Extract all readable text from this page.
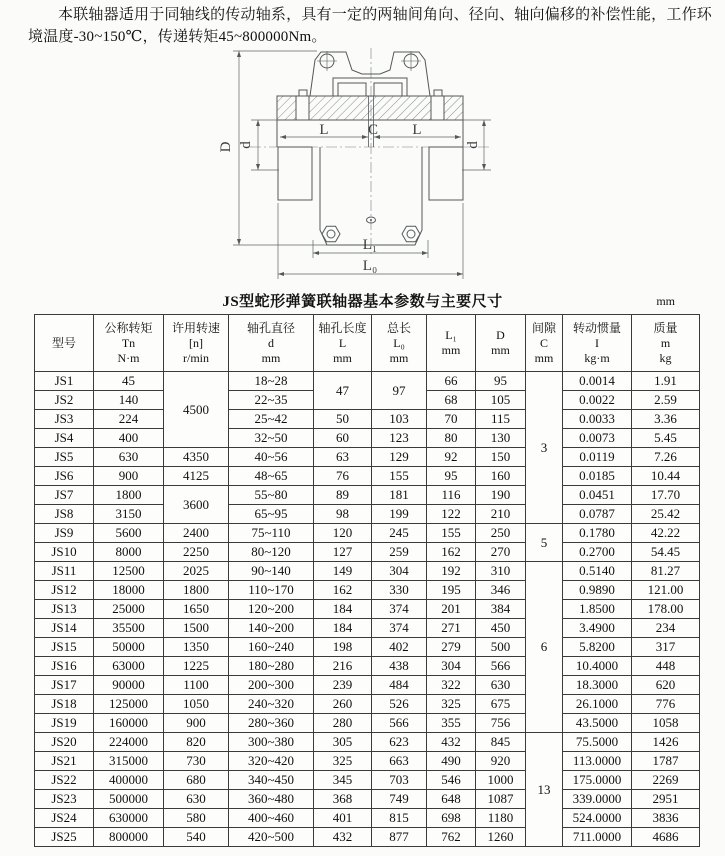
本联轴器适用于同轴线的传动轴系，具有一定的两轴间角向、径向、轴向偏移的补偿性能，工作环境温度-30~150℃，传递转矩45~800000Nm。

D d	d
L	C L
L₁
L₀
JS型蛇形弹簧联轴器基本参数与主要尺寸	mm
型号

公称转矩
Tn
N·m

许用转速
[n]
r/min

轴孔直径
d
mm

轴孔长度
L
mm

总长
L₀
mm

L₁
mm

D
mm

间隙
C
mm

转动惯量
I
kg·m

质量
m
kg

JS1	45	4500	18~28	47	97	66	95	3	0.0014	1.91
JS2	140		22~35			68	105		0.0022	2.59
JS3	224		25~42	50	103	70	115		0.0033	3.36
JS4	400		32~50	60	123	80	130		0.0073	5.45
JS5	630	4350	40~56	63	129	92	150		0.0119	7.26
JS6	900	4125	48~65	76	155	95	160		0.0185	10.44
JS7	1800	3600	55~80	89	181	116	190		0.0451	17.70
JS8	3150		65~95	98	199	122	210		0.0787	25.42
JS9	5600	2400	75~110	120	245	155	250	5	0.1780	42.22
JS10	8000	2250	80~120	127	259	162	270		0.2700	54.45
JS11	12500	2025	90~140	149	304	192	310	6	0.5140	81.27
JS12	18000	1800	110~170	162	330	195	346		0.9890	121.00
JS13	25000	1650	120~200	184	374	201	384		1.8500	178.00
JS14	35500	1500	140~200	184	374	271	450		3.4900	234
JS15	50000	1350	160~240	198	402	279	500		5.8200	317
JS16	63000	1225	180~280	216	438	304	566		10.4000	448
JS17	90000	1100	200~300	239	484	322	630		18.3000	620
JS18	125000	1050	240~320	260	526	325	675		26.1000	776
JS19	160000	900	280~360	280	566	355	756		43.5000	1058
JS20	224000	820	300~380	305	623	432	845	13	75.5000	1426
JS21	315000	730	320~420	325	663	490	920		113.0000	1787
JS22	400000	680	340~450	345	703	546	1000		175.0000	2269
JS23	500000	630	360~480	368	749	648	1087		339.0000	2951
JS24	630000	580	400~460	401	815	698	1180		524.0000	3836
JS25	800000	540	420~500	432	877	762	1260		711.0000	4686
